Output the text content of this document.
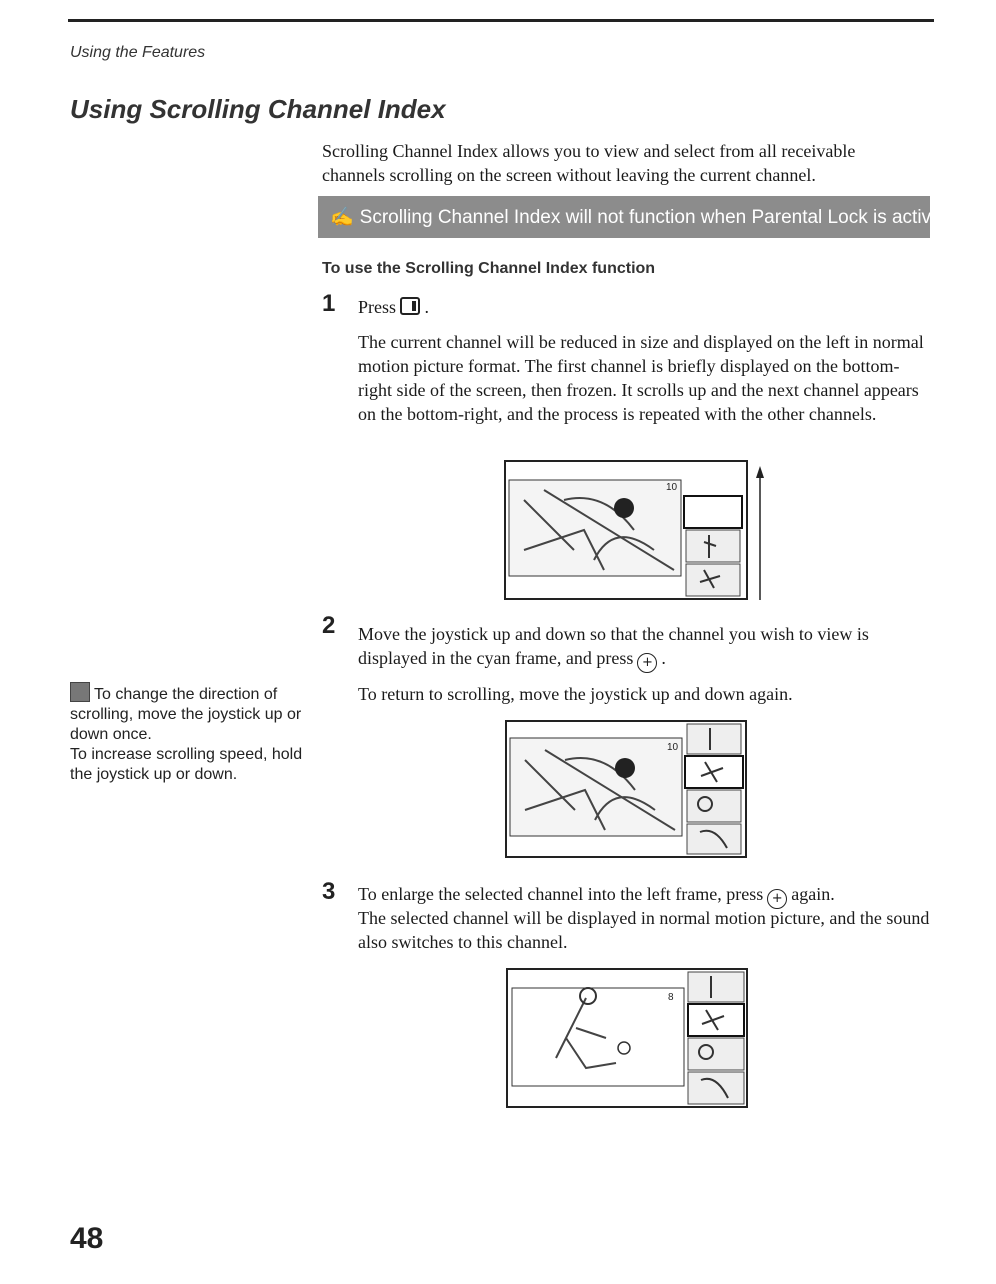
Using the Features
Using Scrolling Channel Index
Scrolling Channel Index allows you to view and select from all receivable channels scrolling on the screen without leaving the current channel.
✍ Scrolling Channel Index will not function when Parental Lock is activated.
To use the Scrolling Channel Index function
1 Press .
The current channel will be reduced in size and displayed on the left in normal motion picture format. The first channel is briefly displayed on the bottom-right side of the screen, then frozen. It scrolls up and the next channel appears on the bottom-right, and the process is repeated with the other channels.
10
2 Move the joystick up and down so that the channel you wish to view is displayed in the cyan frame, and press + .
To return to scrolling, move the joystick up and down again.
10
3 To enlarge the selected channel into the left frame, press + again.
The selected channel will be displayed in normal motion picture, and the sound also switches to this channel.
8
To change the direction of scrolling, move the joystick up or down once.
To increase scrolling speed, hold the joystick up or down.
48
